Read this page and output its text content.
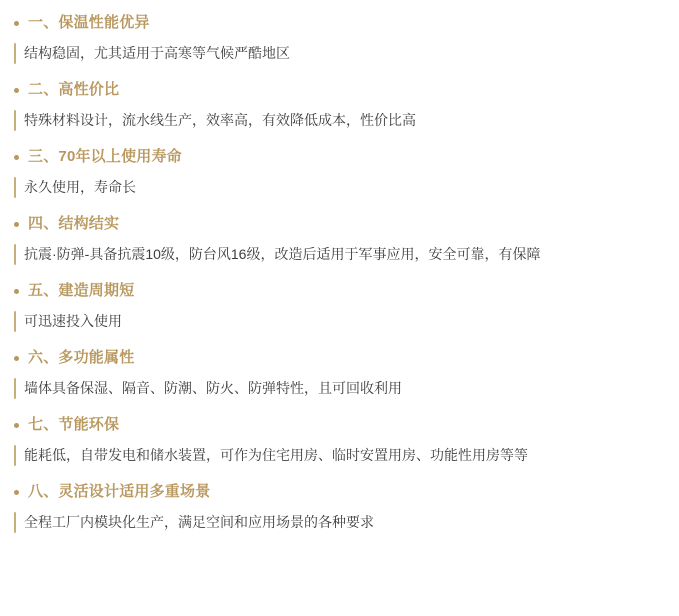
一、保温性能优异
结构稳固，尤其适用于高寒等气候严酷地区
二、高性价比
特殊材料设计，流水线生产，效率高，有效降低成本，性价比高
三、70年以上使用寿命
永久使用，寿命长
四、结构结实
抗震·防弹-具备抗震10级，防台风16级，改造后适用于军事应用，安全可靠，有保障
五、建造周期短
可迅速投入使用
六、多功能属性
墙体具备保湿、隔音、防潮、防火、防弹特性，且可回收利用
七、节能环保
能耗低，自带发电和储水装置，可作为住宅用房、临时安置用房、功能性用房等等
八、灵活设计适用多重场景
全程工厂内模块化生产，满足空间和应用场景的各种要求
